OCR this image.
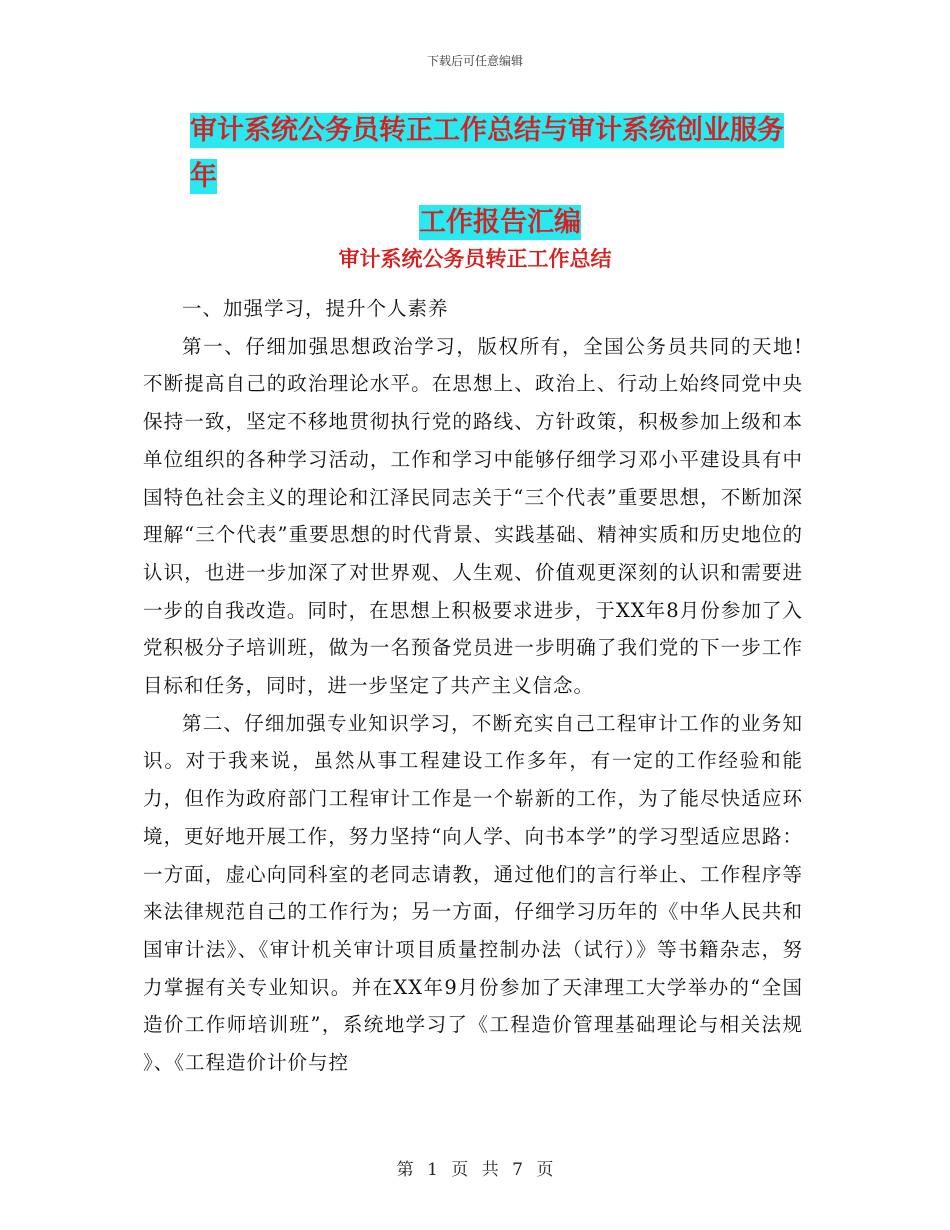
下载后可任意编辑
审计系统公务员转正工作总结与审计系统创业服务年
工作报告汇编
审计系统公务员转正工作总结

一、加强学习，提升个人素养

第一、仔细加强思想政治学习，版权所有，全国公务员共同的天地!不断提高自己的政治理论水平。在思想上、政治上、行动上始终同党中央保持一致，坚定不移地贯彻执行党的路线、方针政策，积极参加上级和本单位组织的各种学习活动，工作和学习中能够仔细学习邓小平建设具有中国特色社会主义的理论和江泽民同志关于“三个代表”重要思想，不断加深理解“三个代表”重要思想的时代背景、实践基础、精神实质和历史地位的认识，也进一步加深了对世界观、人生观、价值观更深刻的认识和需要进一步的自我改造。同时，在思想上积极要求进步，于XX年8月份参加了入党积极分子培训班，做为一名预备党员进一步明确了我们党的下一步工作目标和任务，同时，进一步坚定了共产主义信念。

第二、仔细加强专业知识学习，不断充实自己工程审计工作的业务知识。对于我来说，虽然从事工程建设工作多年，有一定的工作经验和能力，但作为政府部门工程审计工作是一个崭新的工作，为了能尽快适应环境，更好地开展工作，努力坚持“向人学、向书本学”的学习型适应思路：一方面，虚心向同科室的老同志请教，通过他们的言行举止、工作程序等来法律规范自己的工作行为；另一方面，仔细学习历年的《中华人民共和国审计法》、《审计机关审计项目质量控制办法（试行）》等书籍杂志，努力掌握有关专业知识。并在XX年9月份参加了天津理工大学举办的“全国造价工作师培训班”，系统地学习了《工程造价管理基础理论与相关法规 》、《工程造价计价与控

第 1 页 共 7 页
